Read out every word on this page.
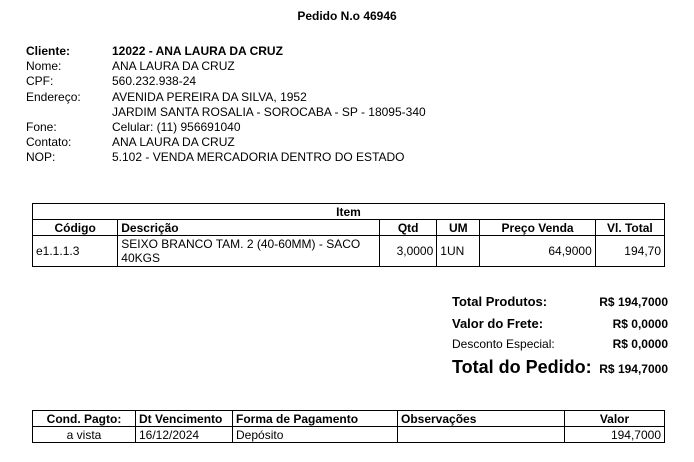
Pedido N.o 46946
Cliente:	12022 - ANA LAURA DA CRUZ
Nome:	ANA LAURA DA CRUZ
CPF:	560.232.938-24
Endereço:	AVENIDA PEREIRA DA SILVA, 1952
JARDIM SANTA ROSALIA - SOROCABA - SP - 18095-340
Fone:	Celular: (11) 956691040
Contato:	ANA LAURA DA CRUZ
NOP:	5.102 - VENDA MERCADORIA DENTRO DO ESTADO
Item					
Código	Descrição	Qtd	UM	Preço Venda	Vl. Total
e1.1.1.3	SEIXO BRANCO TAM. 2 (40-60MM) - SACO 40KGS	3,0000	1UN	64,9000	194,70
Total Produtos:	R$ 194,7000
Valor do Frete:	R$ 0,0000
Desconto Especial:	R$ 0,0000
Total do Pedido: R$ 194,7000
Cond. Pagto:	Dt Vencimento	Forma de Pagamento	Observações	Valor
a vista	16/12/2024	Depósito		194,7000
